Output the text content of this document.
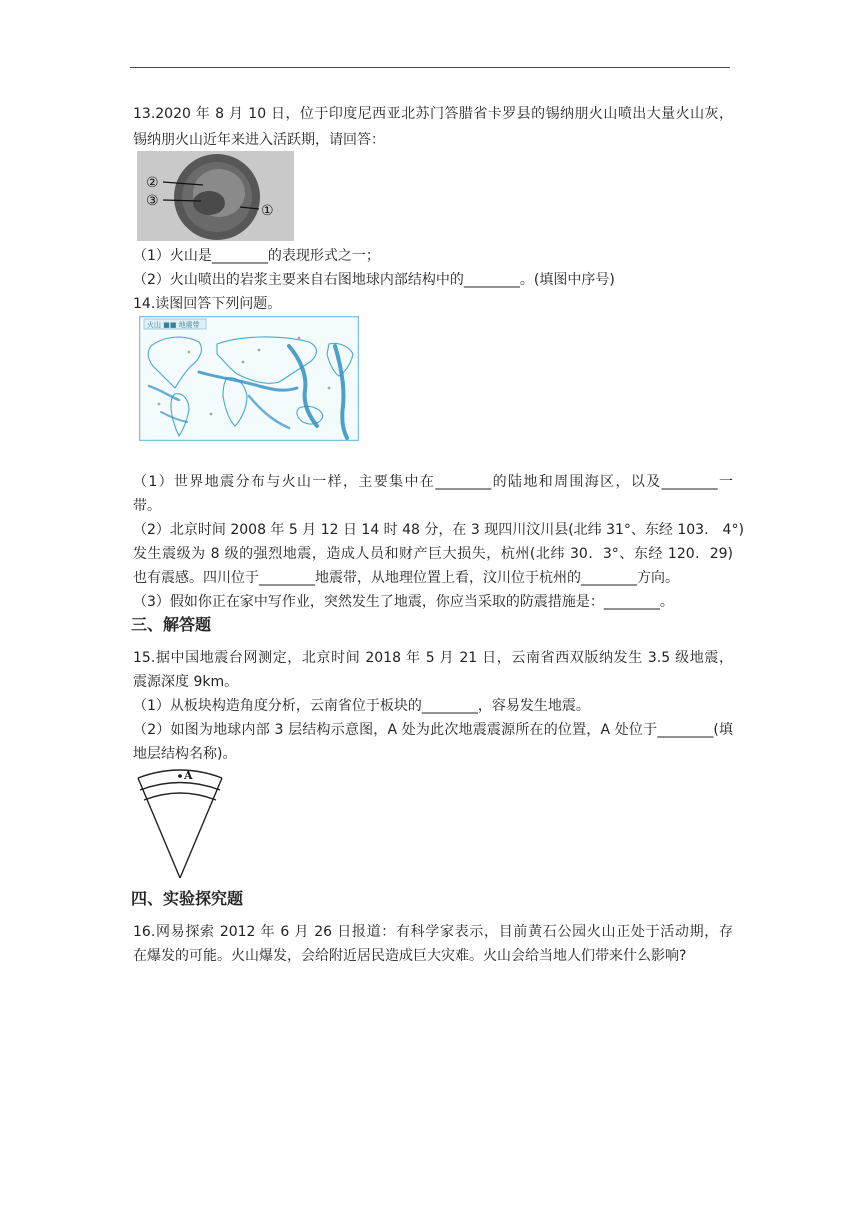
13.2020 年 8 月 10 日，位于印度尼西亚北苏门答腊省卡罗县的锡纳朋火山喷出大量火山灰，
锡纳朋火山近年来进入活跃期，请回答：
②
③
①
（1）火山是________的表现形式之一；
（2）火山喷出的岩浆主要来自右图地球内部结构中的________。(填图中序号)
14.读图回答下列问题。
火山 ■■ 地震带
（1）世界地震分布与火山一样，主要集中在________的陆地和周围海区，以及________一
带。
（2）北京时间 2008 年 5 月 12 日 14 时 48 分，在 3 现四川汶川县(北纬 31°、东经 103． 4°)
发生震级为 8 级的强烈地震，造成人员和财产巨大损失，杭州(北纬 30．3°、东经 120．29)
也有震感。四川位于________地震带，从地理位置上看，汶川位于杭州的________方向。
（3）假如你正在家中写作业，突然发生了地震，你应当采取的防震措施是：________。
三、解答题
15.据中国地震台网测定，北京时间 2018 年 5 月 21 日，云南省西双版纳发生 3.5 级地震，
震源深度 9km。
（1）从板块构造角度分析，云南省位于板块的________，容易发生地震。
（2）如图为地球内部 3 层结构示意图，A 处为此次地震震源所在的位置，A 处位于________(填
地层结构名称)。
A
四、实验探究题
16.网易探索 2012 年 6 月 26 日报道：有科学家表示，目前黄石公园火山正处于活动期，存
在爆发的可能。火山爆发，会给附近居民造成巨大灾难。火山会给当地人们带来什么影响?
